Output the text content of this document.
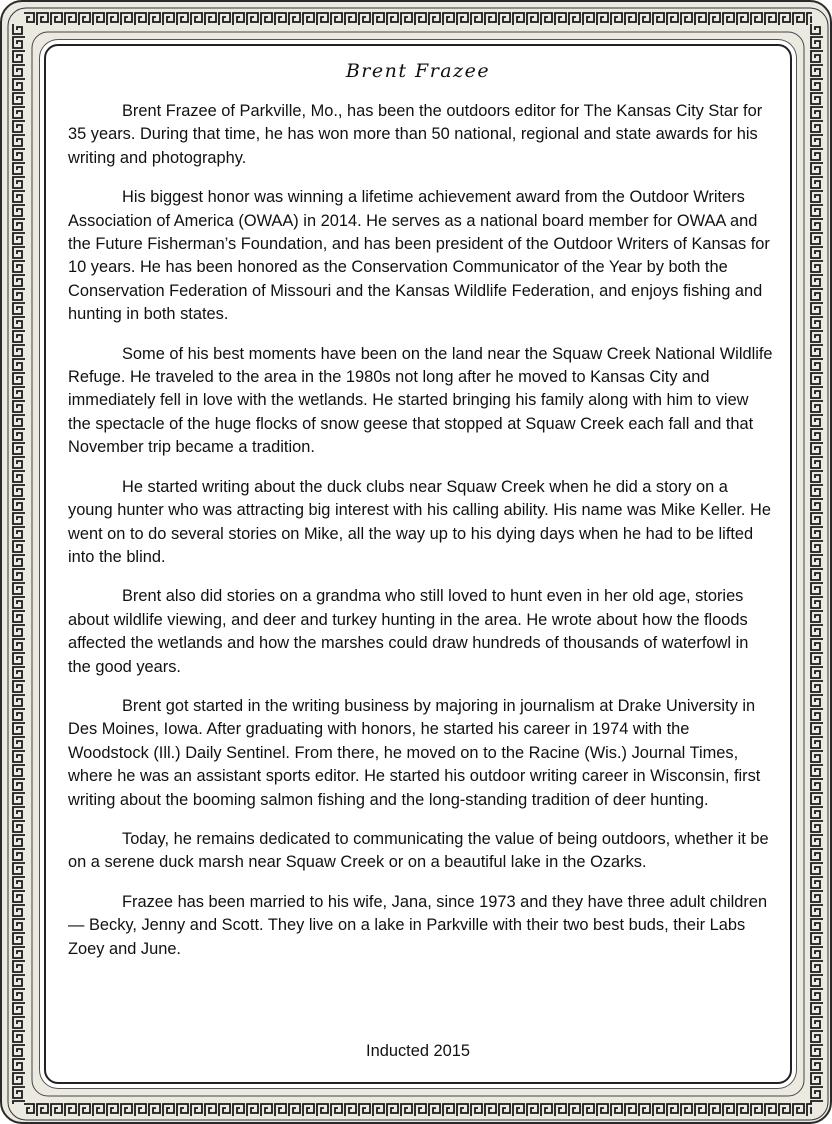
Brent Frazee

Brent Frazee of Parkville, Mo., has been the outdoors editor for The Kansas City Star for 35 years. During that time, he has won more than 50 national, regional and state awards for his writing and photography.

His biggest honor was winning a lifetime achievement award from the Outdoor Writers Association of America (OWAA) in 2014. He serves as a national board member for OWAA and the Future Fisherman’s Foundation, and has been president of the Outdoor Writers of Kansas for 10 years. He has been honored as the Conservation Communicator of the Year by both the Conservation Federation of Missouri and the Kansas Wildlife Federation, and enjoys fishing and hunting in both states.

Some of his best moments have been on the land near the Squaw Creek National Wildlife Refuge. He traveled to the area in the 1980s not long after he moved to Kansas City and immediately fell in love with the wetlands. He started bringing his family along with him to view the spectacle of the huge flocks of snow geese that stopped at Squaw Creek each fall and that November trip became a tradition.

He started writing about the duck clubs near Squaw Creek when he did a story on a young hunter who was attracting big interest with his calling ability. His name was Mike Keller. He went on to do several stories on Mike, all the way up to his dying days when he had to be lifted into the blind.

Brent also did stories on a grandma who still loved to hunt even in her old age, stories about wildlife viewing, and deer and turkey hunting in the area. He wrote about how the floods affected the wetlands and how the marshes could draw hundreds of thousands of waterfowl in the good years.

Brent got started in the writing business by majoring in journalism at Drake University in Des Moines, Iowa. After graduating with honors, he started his career in 1974 with the Woodstock (Ill.) Daily Sentinel. From there, he moved on to the Racine (Wis.) Journal Times, where he was an assistant sports editor. He started his outdoor writing career in Wisconsin, first writing about the booming salmon fishing and the long-standing tradition of deer hunting.

Today, he remains dedicated to communicating the value of being outdoors, whether it be on a serene duck marsh near Squaw Creek or on a beautiful lake in the Ozarks.

Frazee has been married to his wife, Jana, since 1973 and they have three adult children— Becky, Jenny and Scott. They live on a lake in Parkville with their two best buds, their Labs Zoey and June.

Inducted 2015
